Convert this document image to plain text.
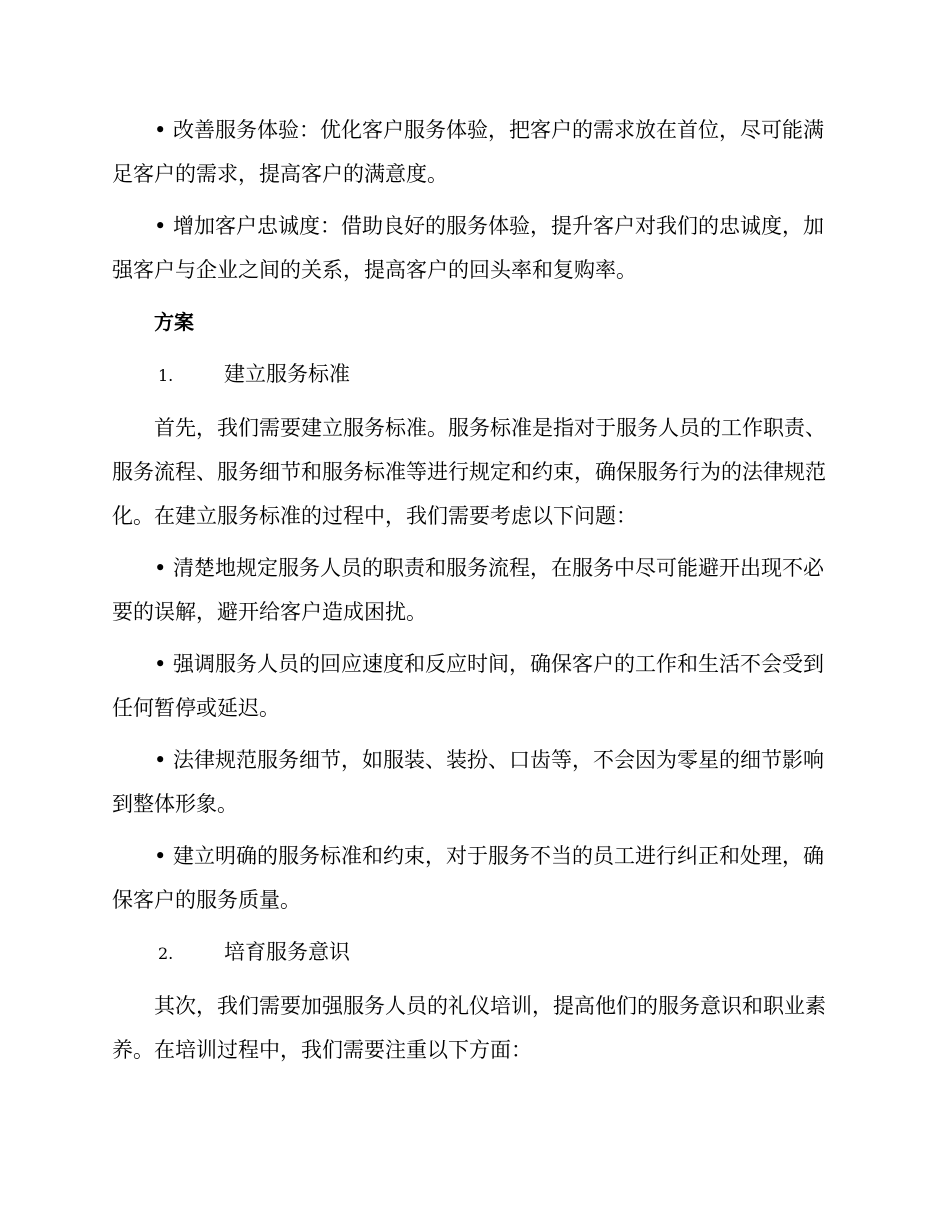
• 改善服务体验：优化客户服务体验，把客户的需求放在首位，尽可能满足客户的需求，提高客户的满意度。

• 增加客户忠诚度：借助良好的服务体验，提升客户对我们的忠诚度，加强客户与企业之间的关系，提高客户的回头率和复购率。

方案

1.	建立服务标准

首先，我们需要建立服务标准。服务标准是指对于服务人员的工作职责、服务流程、服务细节和服务标准等进行规定和约束，确保服务行为的法律规范化。在建立服务标准的过程中，我们需要考虑以下问题：

• 清楚地规定服务人员的职责和服务流程，在服务中尽可能避开出现不必要的误解，避开给客户造成困扰。

• 强调服务人员的回应速度和反应时间，确保客户的工作和生活不会受到任何暂停或延迟。

• 法律规范服务细节，如服装、装扮、口齿等，不会因为零星的细节影响到整体形象。

• 建立明确的服务标准和约束，对于服务不当的员工进行纠正和处理，确保客户的服务质量。

2.	培育服务意识

其次，我们需要加强服务人员的礼仪培训，提高他们的服务意识和职业素养。在培训过程中，我们需要注重以下方面：
